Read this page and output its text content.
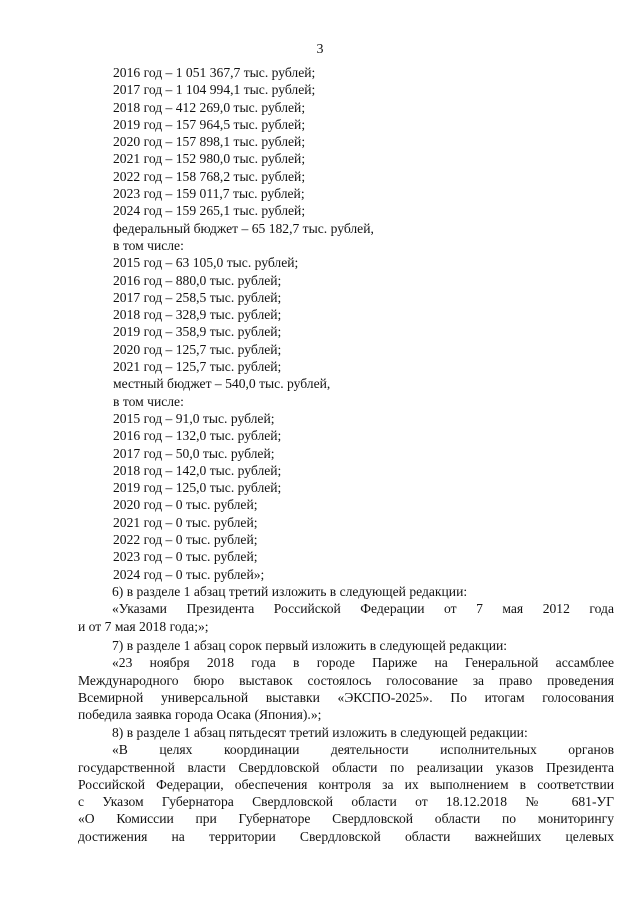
3
2016 год – 1 051 367,7 тыс. рублей;
2017 год – 1 104 994,1 тыс. рублей;
2018 год – 412 269,0 тыс. рублей;
2019 год – 157 964,5 тыс. рублей;
2020 год – 157 898,1 тыс. рублей;
2021 год – 152 980,0 тыс. рублей;
2022 год – 158 768,2 тыс. рублей;
2023 год – 159 011,7 тыс. рублей;
2024 год – 159 265,1 тыс. рублей;
федеральный бюджет – 65 182,7 тыс. рублей,
в том числе:
2015 год – 63 105,0 тыс. рублей;
2016 год – 880,0 тыс. рублей;
2017 год – 258,5 тыс. рублей;
2018 год – 328,9 тыс. рублей;
2019 год – 358,9 тыс. рублей;
2020 год – 125,7 тыс. рублей;
2021 год – 125,7 тыс. рублей;
местный бюджет – 540,0 тыс. рублей,
в том числе:
2015 год – 91,0 тыс. рублей;
2016 год – 132,0 тыс. рублей;
2017 год – 50,0 тыс. рублей;
2018 год – 142,0 тыс. рублей;
2019 год – 125,0 тыс. рублей;
2020 год – 0 тыс. рублей;
2021 год – 0 тыс. рублей;
2022 год – 0 тыс. рублей;
2023 год – 0 тыс. рублей;
2024 год – 0 тыс. рублей»;
6) в разделе 1 абзац третий изложить в следующей редакции:
«Указами Президента Российской Федерации от 7 мая 2012 года
и от 7 мая 2018 года;»;
7) в разделе 1 абзац сорок первый изложить в следующей редакции:
«23 ноября 2018 года в городе Париже на Генеральной ассамблее
Международного бюро выставок состоялось голосование за право проведения
Всемирной универсальной выставки «ЭКСПО-2025». По итогам голосования
победила заявка города Осака (Япония).»;
8) в разделе 1 абзац пятьдесят третий изложить в следующей редакции:
«В целях координации деятельности исполнительных органов
государственной власти Свердловской области по реализации указов Президента
Российской Федерации, обеспечения контроля за их выполнением в соответствии
с Указом Губернатора Свердловской области от 18.12.2018 № 681-УГ
«О Комиссии при Губернаторе Свердловской области по мониторингу
достижения на территории Свердловской области важнейших целевых
